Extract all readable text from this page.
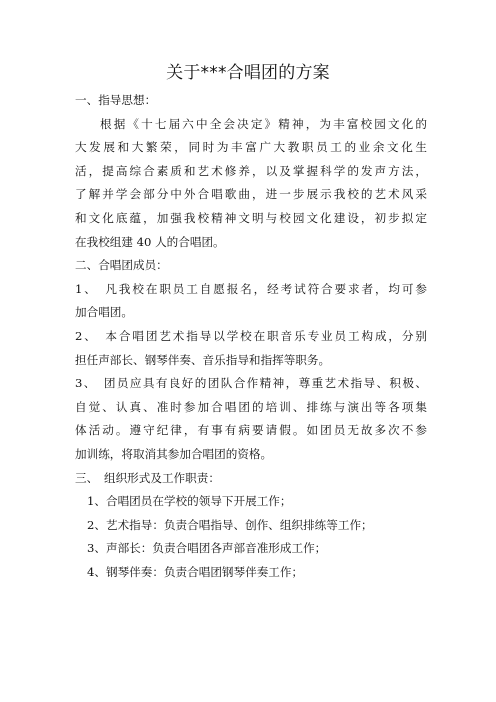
关于***合唱团的方案
一、指导思想：
根据《十七届六中全会决定》精神，为丰富校园文化的
大发展和大繁荣，同时为丰富广大教职员工的业余文化生
活，提高综合素质和艺术修养，以及掌握科学的发声方法，
了解并学会部分中外合唱歌曲，进一步展示我校的艺术风采
和文化底蕴，加强我校精神文明与校园文化建设，初步拟定
在我校组建 40 人的合唱团。
二、合唱团成员：
1、　凡我校在职员工自愿报名，经考试符合要求者，均可参
加合唱团。
2、　本合唱团艺术指导以学校在职音乐专业员工构成，分别
担任声部长、钢琴伴奏、音乐指导和指挥等职务。
3、　团员应具有良好的团队合作精神，尊重艺术指导、积极、
自觉、认真、准时参加合唱团的培训、排练与演出等各项集
体活动。遵守纪律，有事有病要请假。如团员无故多次不参
加训练，将取消其参加合唱团的资格。
三、　组织形式及工作职责：
1、合唱团员在学校的领导下开展工作；
2、艺术指导：负责合唱指导、创作、组织排练等工作；
3、声部长：负责合唱团各声部音准形成工作；
4、钢琴伴奏：负责合唱团钢琴伴奏工作；
